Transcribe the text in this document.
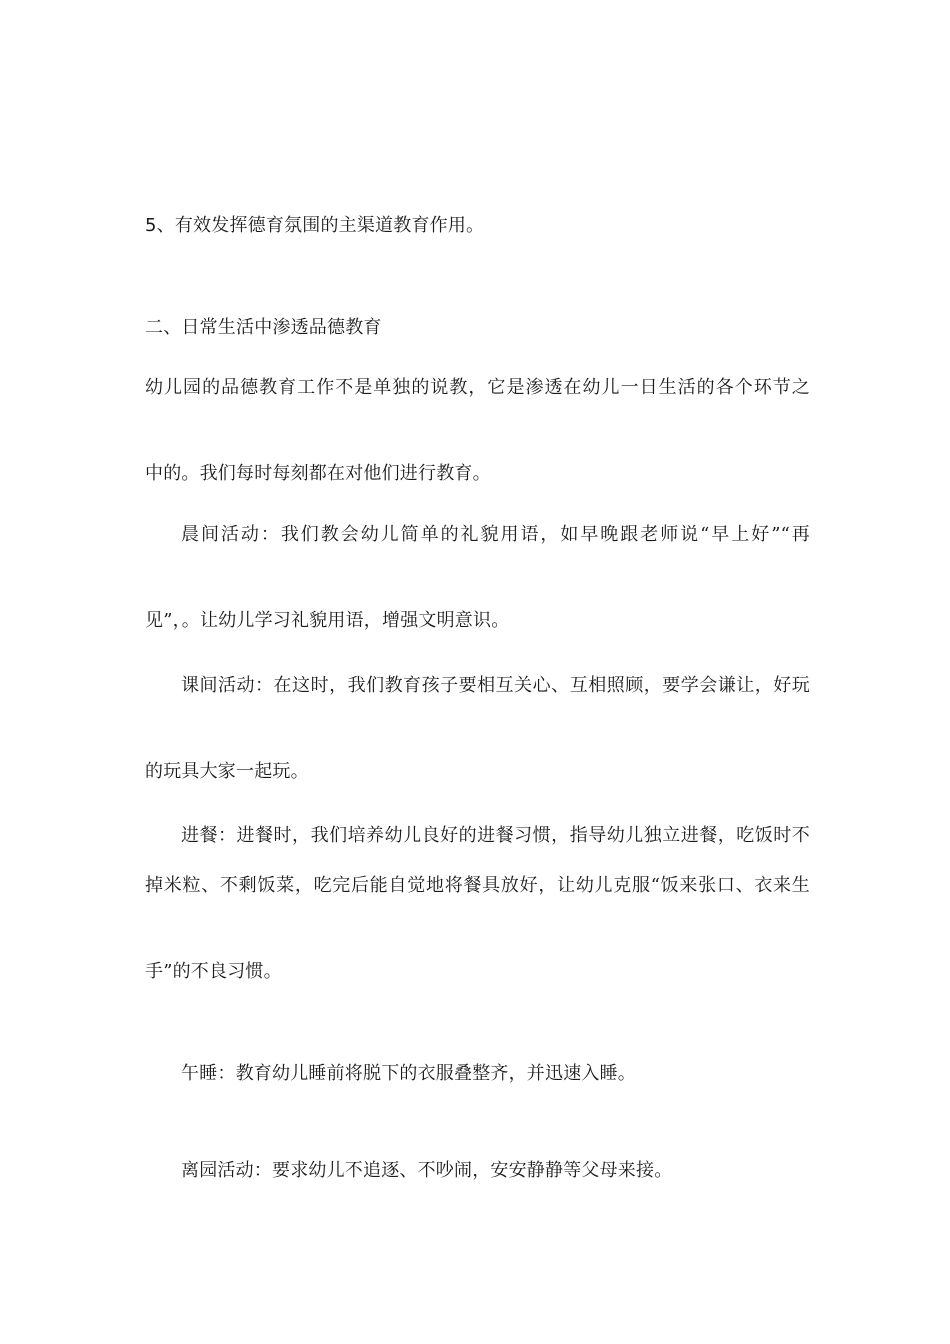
5、有效发挥德育氛围的主渠道教育作用。

二、日常生活中渗透品德教育

幼儿园的品德教育工作不是单独的说教，它是渗透在幼儿一日生活的各个环节之

中的。我们每时每刻都在对他们进行教育。

晨间活动：我们教会幼儿简单的礼貌用语，如早晚跟老师说“早上好”“再

见”，。让幼儿学习礼貌用语，增强文明意识。

课间活动：在这时，我们教育孩子要相互关心、互相照顾，要学会谦让，好玩

的玩具大家一起玩。

进餐：进餐时，我们培养幼儿良好的进餐习惯，指导幼儿独立进餐，吃饭时不

掉米粒、不剩饭菜，吃完后能自觉地将餐具放好，让幼儿克服“饭来张口、衣来生

手”的不良习惯。

午睡：教育幼儿睡前将脱下的衣服叠整齐，并迅速入睡。

离园活动：要求幼儿不追逐、不吵闹，安安静静等父母来接。
